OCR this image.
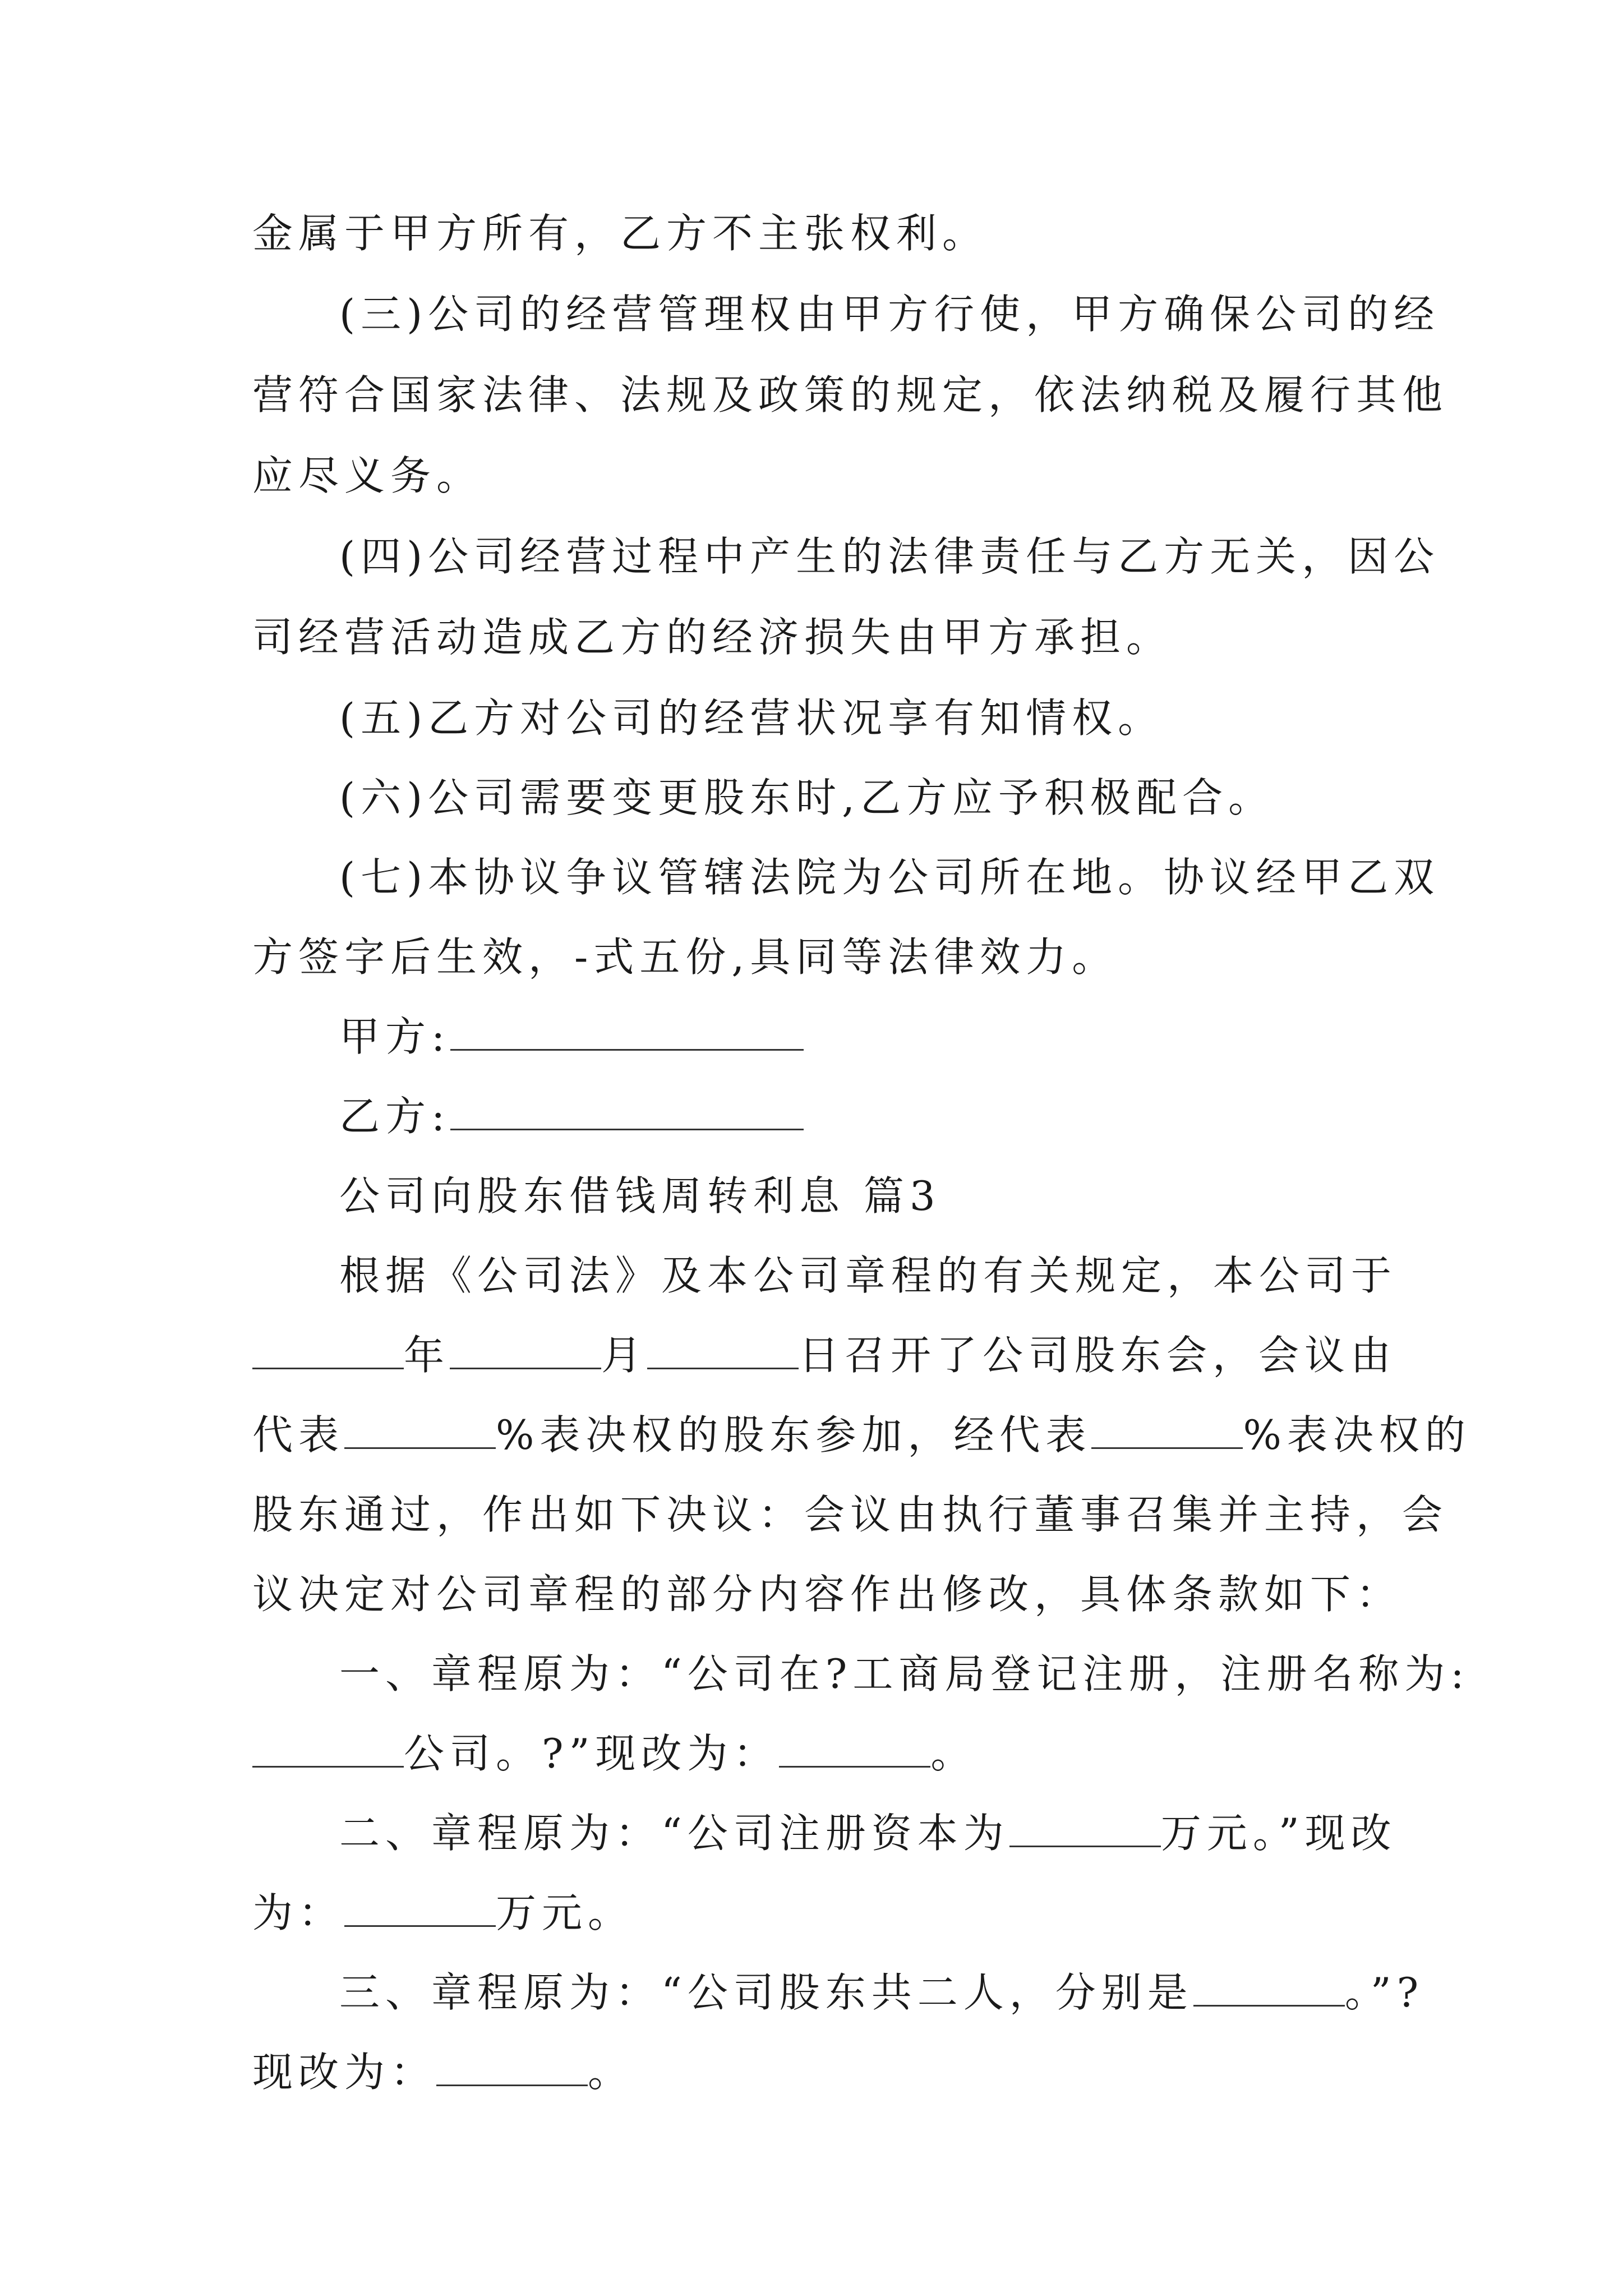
金属于甲方所有，乙方不主张权利。
(三)公司的经营管理权由甲方行使，甲方确保公司的经
营符合国家法律、法规及政策的规定，依法纳税及履行其他
应尽义务。
(四)公司经营过程中产生的法律责任与乙方无关，因公
司经营活动造成乙方的经济损失由甲方承担。
(五)乙方对公司的经营状况享有知情权。
(六)公司需要变更股东时,乙方应予积极配合。
(七)本协议争议管辖法院为公司所在地。协议经甲乙双
方签字后生效，-式五份,具同等法律效力。
甲方:
乙方:
公司向股东借钱周转利息 篇3
根据《公司法》及本公司章程的有关规定，本公司于
年	月	日召开了公司股东会，会议由
代表	%表决权的股东参加，经代表	%表决权的
股东通过，作出如下决议：会议由执行董事召集并主持，会
议决定对公司章程的部分内容作出修改，具体条款如下：
一、章程原为：“公司在?工商局登记注册，注册名称为:
公司。?”现改为：	。
二、章程原为：“公司注册资本为	万元。”现改
为：	万元。
三、章程原为：“公司股东共二人，分别是	。”?
现改为：	。
